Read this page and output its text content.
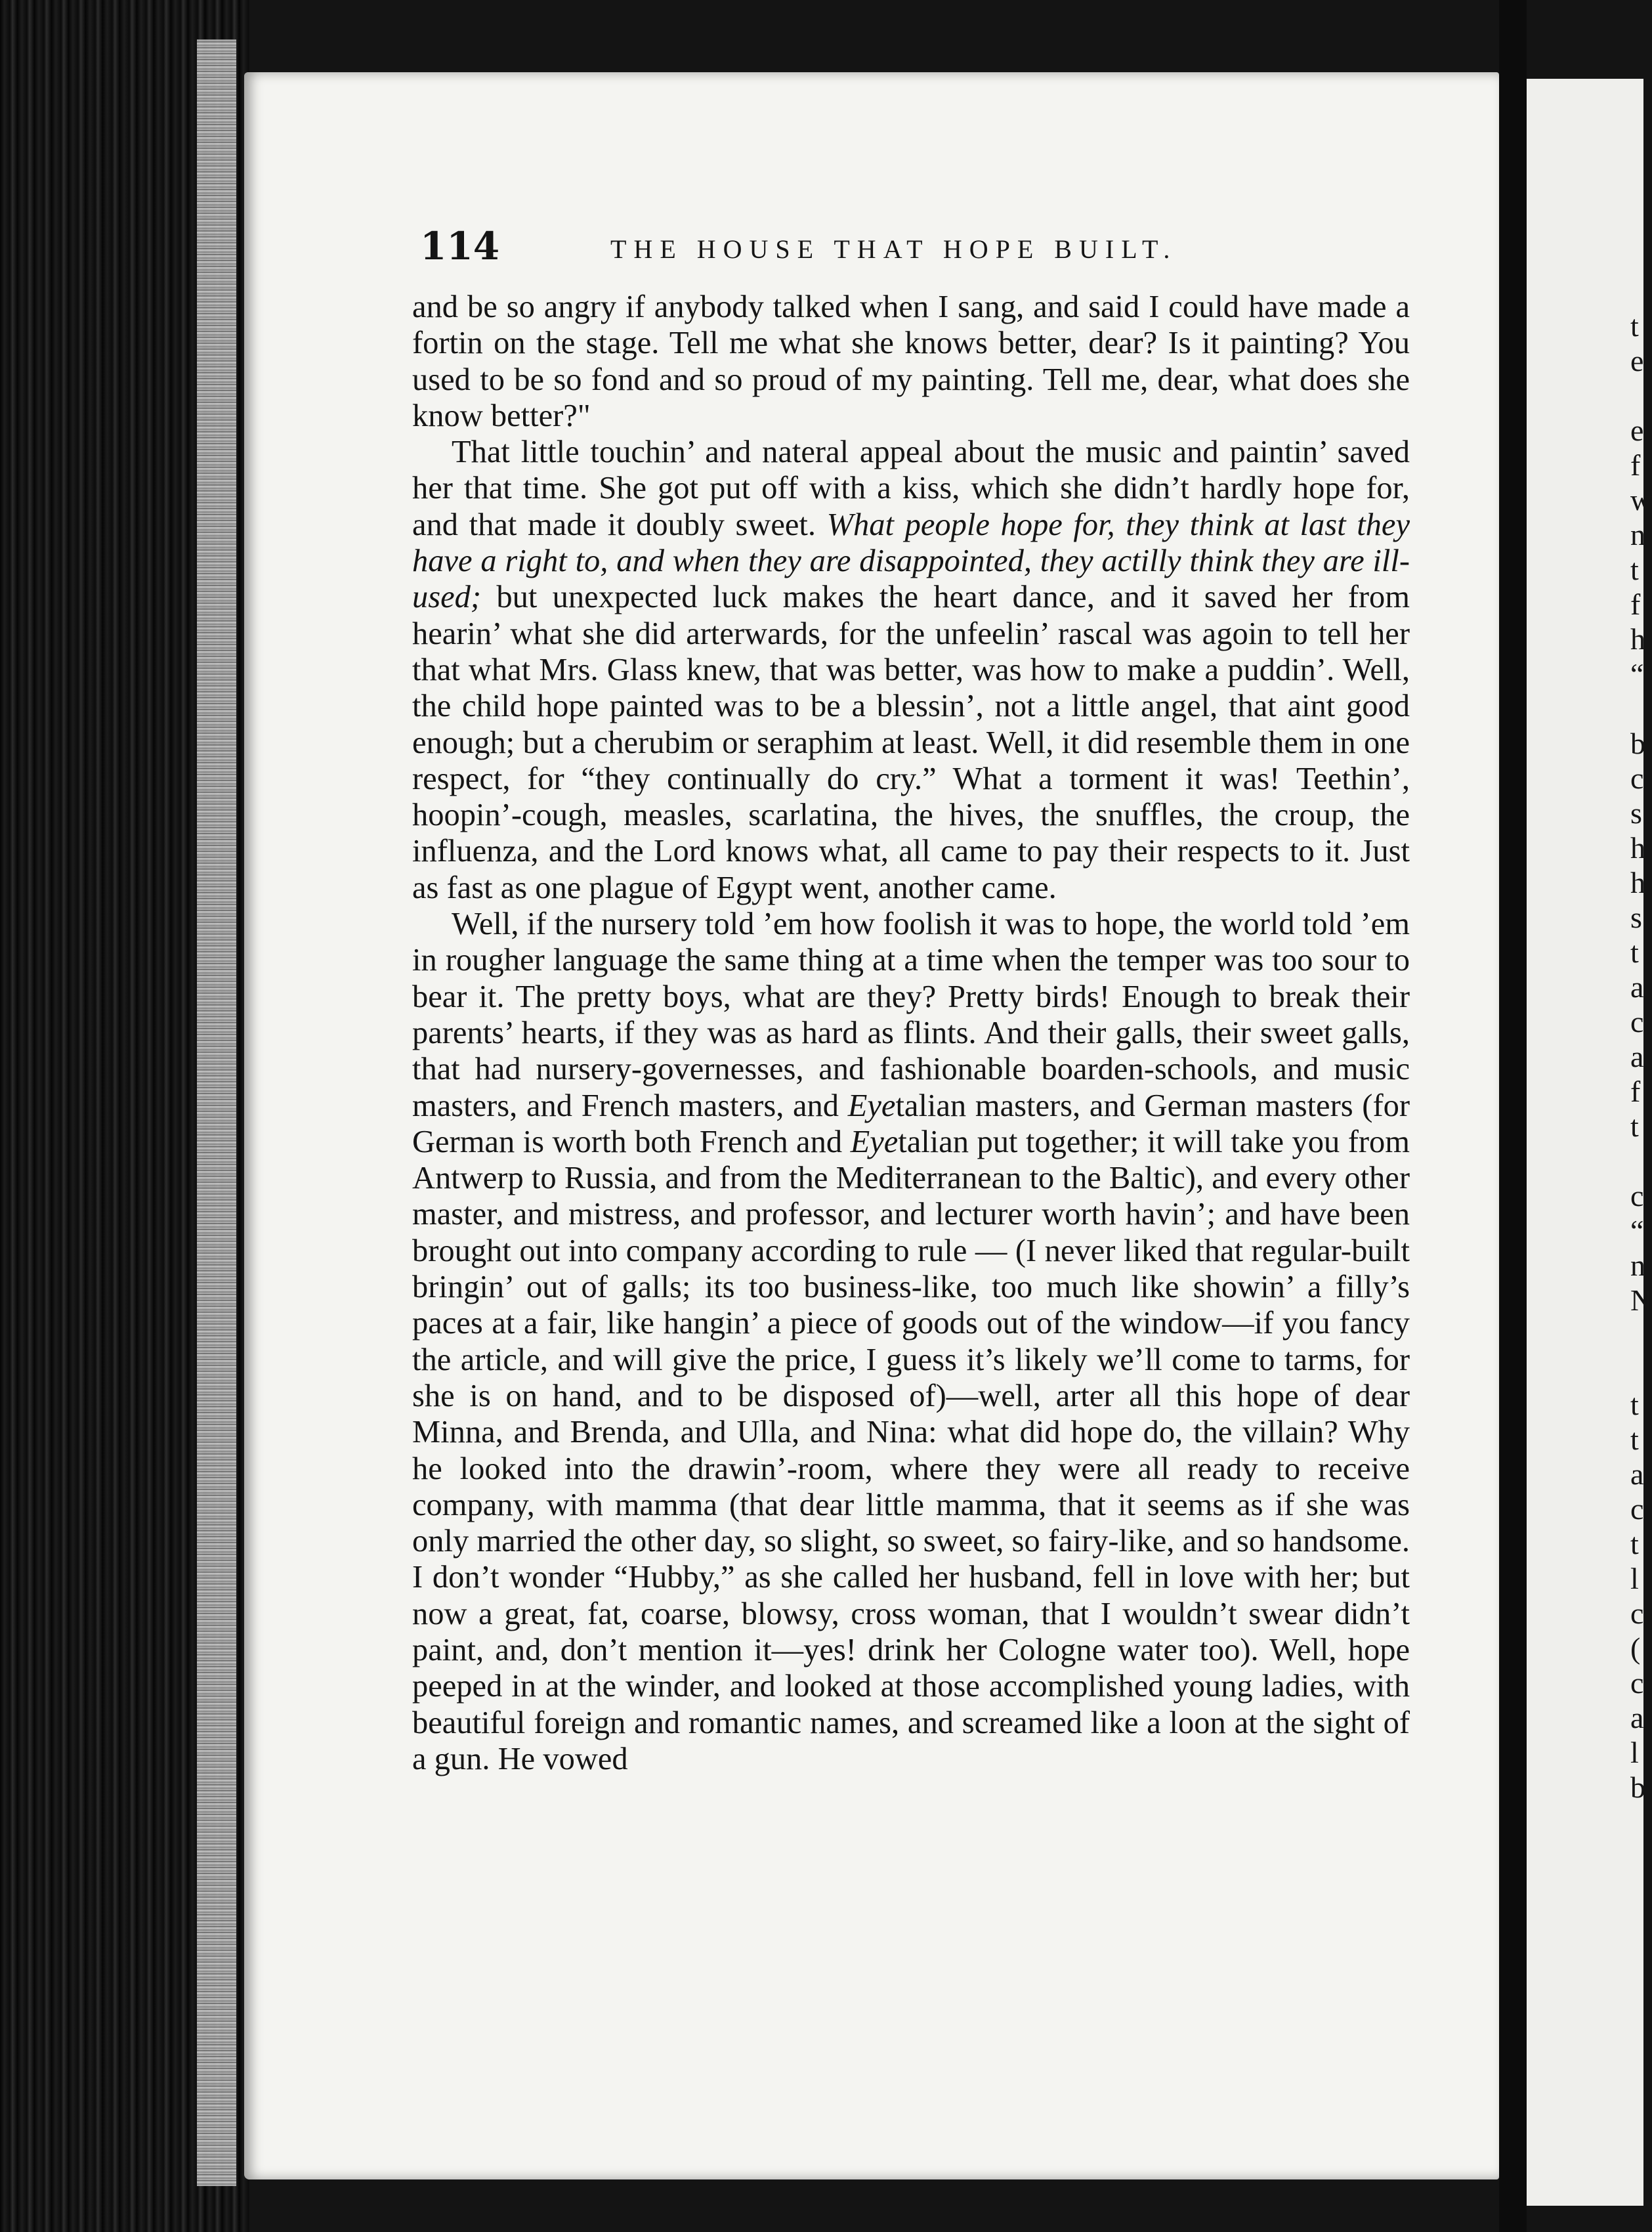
114	THE HOUSE THAT HOPE BUILT.

and be so angry if anybody talked when I sang, and said I could have made a fortin on the stage. Tell me what she knows better, dear? Is it painting? You used to be so fond and so proud of my painting. Tell me, dear, what does she know better?"

That little touchin’ and nateral appeal about the music and paintin’ saved her that time. She got put off with a kiss, which she didn’t hardly hope for, and that made it doubly sweet. What people hope for, they think at last they have a right to, and when they are disappointed, they actilly think they are ill-used; but unexpected luck makes the heart dance, and it saved her from hearin’ what she did arterwards, for the unfeelin’ rascal was agoin to tell her that what Mrs. Glass knew, that was better, was how to make a puddin’. Well, the child hope painted was to be a blessin’, not a little angel, that aint good enough; but a cherubim or seraphim at least. Well, it did resemble them in one respect, for “they continually do cry.” What a torment it was! Teethin’, hoopin’-cough, measles, scarlatina, the hives, the snuffles, the croup, the influenza, and the Lord knows what, all came to pay their respects to it. Just as fast as one plague of Egypt went, another came.

Well, if the nursery told ’em how foolish it was to hope, the world told ’em in rougher language the same thing at a time when the temper was too sour to bear it. The pretty boys, what are they? Pretty birds! Enough to break their parents’ hearts, if they was as hard as flints. And their galls, their sweet galls, that had nursery-governesses, and fashionable boarden-schools, and music masters, and French masters, and Eyetalian masters, and German masters (for German is worth both French and Eyetalian put together; it will take you from Antwerp to Russia, and from the Mediterranean to the Baltic), and every other master, and mistress, and professor, and lecturer worth havin’; and have been brought out into company according to rule — (I never liked that regular-built bringin’ out of galls; its too business-like, too much like showin’ a filly’s paces at a fair, like hangin’ a piece of goods out of the window—if you fancy the article, and will give the price, I guess it’s likely we’ll come to tarms, for she is on hand, and to be disposed of)—well, arter all this hope of dear Minna, and Brenda, and Ulla, and Nina: what did hope do, the villain? Why he looked into the drawin’-room, where they were all ready to receive company, with mamma (that dear little mamma, that it seems as if she was only married the other day, so slight, so sweet, so fairy-like, and so handsome. I don’t wonder “Hubby,” as she called her husband, fell in love with her; but now a great, fat, coarse, blowsy, cross woman, that I wouldn’t swear didn’t paint, and, don’t mention it—yes! drink her Cologne water too). Well, hope peeped in at the winder, and looked at those accomplished young ladies, with beautiful foreign and romantic names, and screamed like a loon at the sight of a gun. He vowed

t
e
e
f
w
n
t
f
h
“
b
c
s
h
h
s
t
a
c
a
f
t
c
“
n
N
t
t
a
c
t
l
c
(
c
a
l
b
